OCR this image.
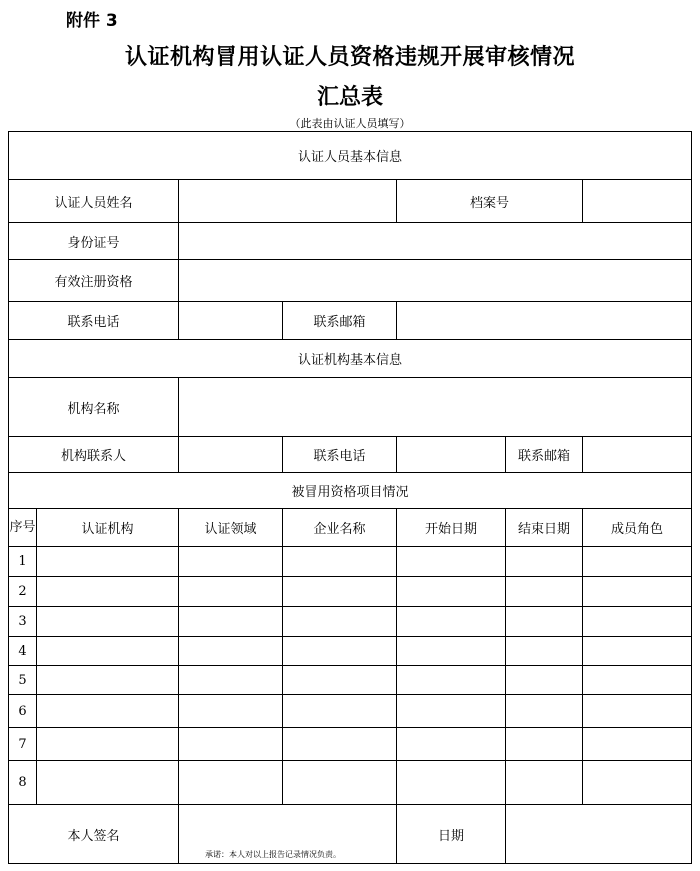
附件 3
认证机构冒用认证人员资格违规开展审核情况
汇总表
（此表由认证人员填写）
认证人员基本信息						
认证人员姓名				档案号		
身份证号						
有效注册资格						
联系电话			联系邮箱			
认证机构基本信息						
机构名称						
机构联系人			联系电话		联系邮箱	
被冒用资格项目情况						
序号	认证机构	认证领域	企业名称	开始日期	结束日期	成员角色
1						
2						
3						
4						
5						
6						
7						
8						
本人签名		承诺：本人对以上报告记录情况负责。		日期		
